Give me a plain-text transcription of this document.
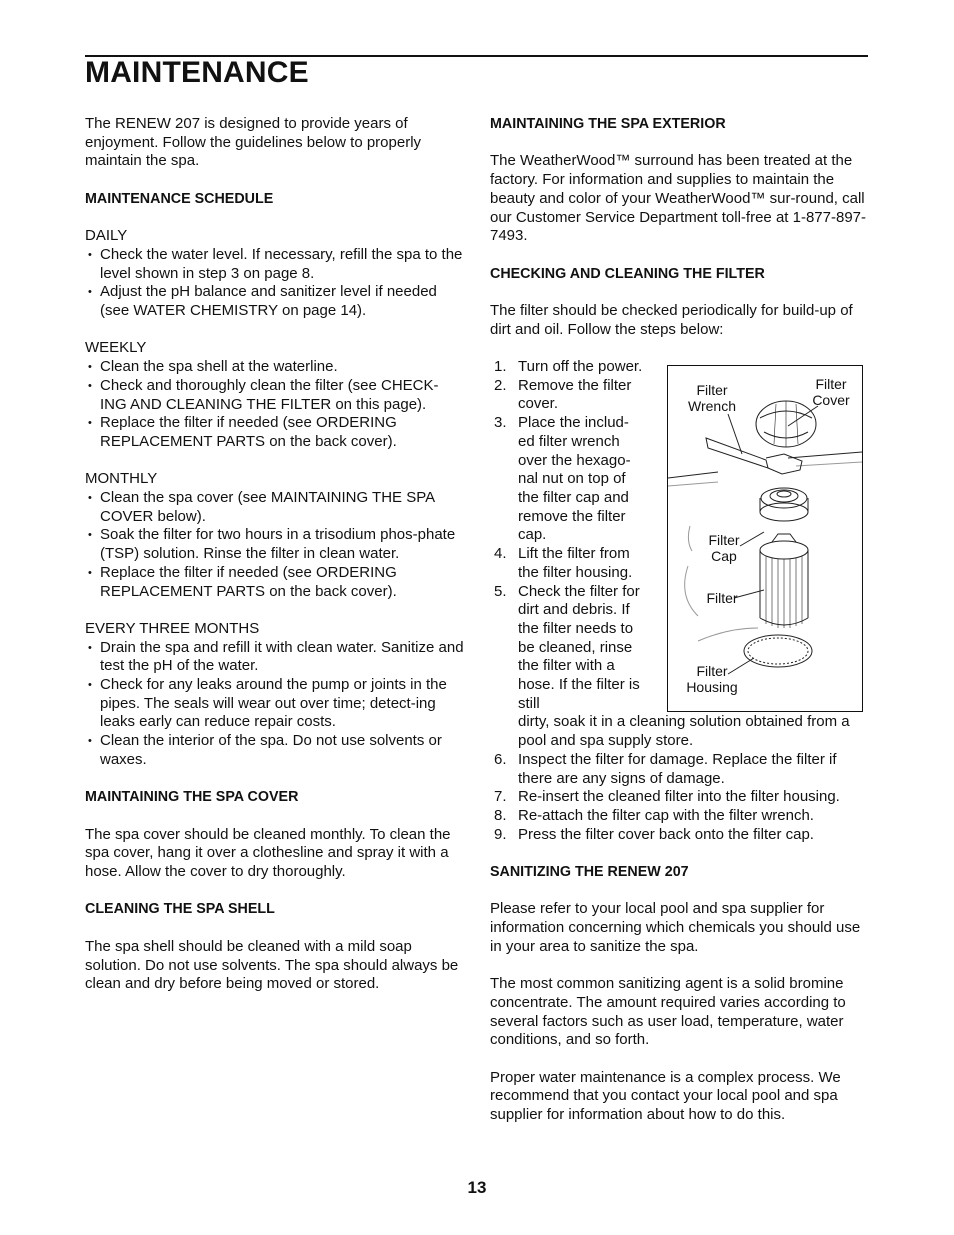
MAINTENANCE

The RENEW 207 is designed to provide years of enjoyment. Follow the guidelines below to properly maintain the spa.

MAINTENANCE SCHEDULE

DAILY

• Check the water level. If necessary, refill the spa to the level shown in step 3 on page 8.
• Adjust the pH balance and sanitizer level if needed (see WATER CHEMISTRY on page 14).

WEEKLY

• Clean the spa shell at the waterline.
• Check and thoroughly clean the filter (see CHECK-ING AND CLEANING THE FILTER on this page).
• Replace the filter if needed (see ORDERING REPLACEMENT PARTS on the back cover).

MONTHLY

• Clean the spa cover (see MAINTAINING THE SPA COVER below).
• Soak the filter for two hours in a trisodium phos-phate (TSP) solution. Rinse the filter in clean water.
• Replace the filter if needed (see ORDERING REPLACEMENT PARTS on the back cover).

EVERY THREE MONTHS

• Drain the spa and refill it with clean water. Sanitize and test the pH of the water.
• Check for any leaks around the pump or joints in the pipes. The seals will wear out over time; detect-ing leaks early can reduce repair costs.
• Clean the interior of the spa. Do not use solvents or waxes.

MAINTAINING THE SPA COVER

The spa cover should be cleaned monthly. To clean the spa cover, hang it over a clothesline and spray it with a hose. Allow the cover to dry thoroughly.

CLEANING THE SPA SHELL

The spa shell should be cleaned with a mild soap solution. Do not use solvents. The spa should always be clean and dry before being moved or stored.

MAINTAINING THE SPA EXTERIOR

The WeatherWood™ surround has been treated at the factory. For information and supplies to maintain the beauty and color of your WeatherWood™ sur-round, call our Customer Service Department toll-free at 1-877-897-7493.

CHECKING AND CLEANING THE FILTER

The filter should be checked periodically for build-up of dirt and oil. Follow the steps below:

1. Turn off the power.
2. Remove the filter cover.
3. Place the includ-ed filter wrench over the hexago-nal nut on top of the filter cap and remove the filter cap.
4. Lift the filter from the filter housing.
5. Check the filter for dirt and debris. If the filter needs to be cleaned, rinse the filter with a hose. If the filter is still
dirty, soak it in a cleaning solution obtained from a pool and spa supply store.
6. Inspect the filter for damage. Replace the filter if there are any signs of damage.
7. Re-insert the cleaned filter into the filter housing.
8. Re-attach the filter cap with the filter wrench.
9. Press the filter cover back onto the filter cap.

SANITIZING THE RENEW 207

Please refer to your local pool and spa supplier for information concerning which chemicals you should use in your area to sanitize the spa.

The most common sanitizing agent is a solid bromine concentrate. The amount required varies according to several factors such as user load, temperature, water conditions, and so forth.

Proper water maintenance is a complex process. We recommend that you contact your local pool and spa supplier for information about how to do this.

Filter
Wrench
Filter
Cover
Filter
Cap
Filter
Filter
Housing
13
